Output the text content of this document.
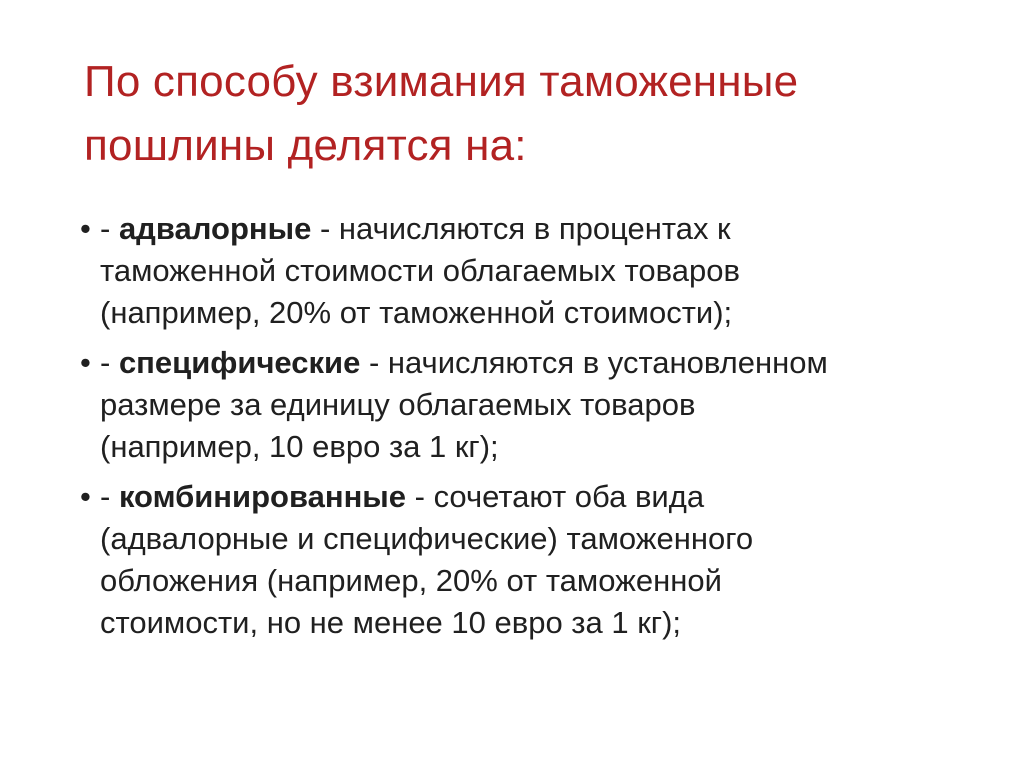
По способу взимания таможенные
пошлины делятся на:
• - адвалорные - начисляются в процентах к
таможенной стоимости облагаемых товаров
(например, 20% от таможенной стоимости);
• - специфические - начисляются в установленном
размере за единицу облагаемых товаров
(например, 10 евро за 1 кг);
• - комбинированные - сочетают оба вида
(адвалорные и специфические) таможенного
обложения (например, 20% от таможенной
стоимости, но не менее 10 евро за 1 кг);
